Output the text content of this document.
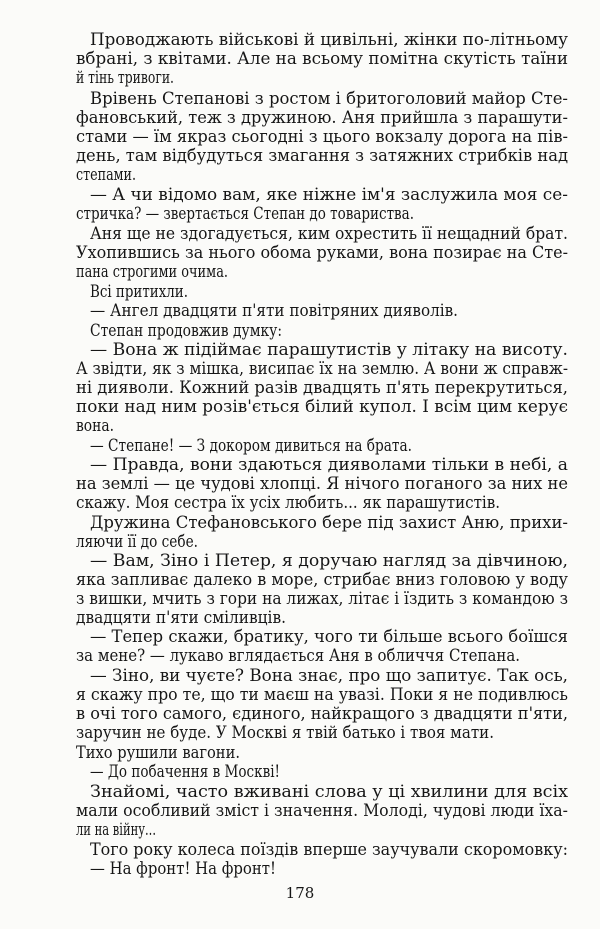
Проводжають військові й цивільні, жінки по-літньому
вбрані, з квітами. Але на всьому помітна скутість таїни
й тінь тривоги.
Врівень Степанові з ростом і бритоголовий майор Сте-
фановський, теж з дружиною. Аня прийшла з парашути-
стами — їм якраз сьогодні з цього вокзалу дорога на пів-
день, там відбудуться змагання з затяжних стрибків над
степами.
— А чи відомо вам, яке ніжне ім'я заслужила моя се-
стричка? — звертається Степан до товариства.
Аня ще не здогадується, ким охрестить її нещадний брат.
Ухопившись за нього обома руками, вона позирає на Сте-
пана строгими очима.
Всі притихли.
— Ангел двадцяти п'яти повітряних дияволів.
Степан продовжив думку:
— Вона ж підіймає парашутистів у літаку на висоту.
А звідти, як з мішка, висипає їх на землю. А вони ж справж-
ні дияволи. Кожний разів двадцять п'ять перекрутиться,
поки над ним розів'ється білий купол. І всім цим керує
вона.
— Степане! — З докором дивиться на брата.
— Правда, вони здаються дияволами тільки в небі, а
на землі — це чудові хлопці. Я нічого поганого за них не
скажу. Моя сестра їх усіх любить... як парашутистів.
Дружина Стефановського бере під захист Аню, прихи-
ляючи її до себе.
— Вам, Зіно і Петер, я доручаю нагляд за дівчиною,
яка запливає далеко в море, стрибає вниз головою у воду
з вишки, мчить з гори на лижах, літає і їздить з командою з
двадцяти п'яти сміливців.
— Тепер скажи, братику, чого ти більше всього боїшся
за мене? — лукаво вглядається Аня в обличчя Степана.
— Зіно, ви чуєте? Вона знає, про що запитує. Так ось,
я скажу про те, що ти маєш на увазі. Поки я не подивлюсь
в очі того самого, єдиного, найкращого з двадцяти п'яти,
заручин не буде. У Москві я твій батько і твоя мати.
Тихо рушили вагони.
— До побачення в Москві!
Знайомі, часто вживані слова у ці хвилини для всіх
мали особливий зміст і значення. Молоді, чудові люди їха-
ли на війну...
Того року колеса поїздів вперше заучували скоромовку:
— На фронт! На фронт!
178
